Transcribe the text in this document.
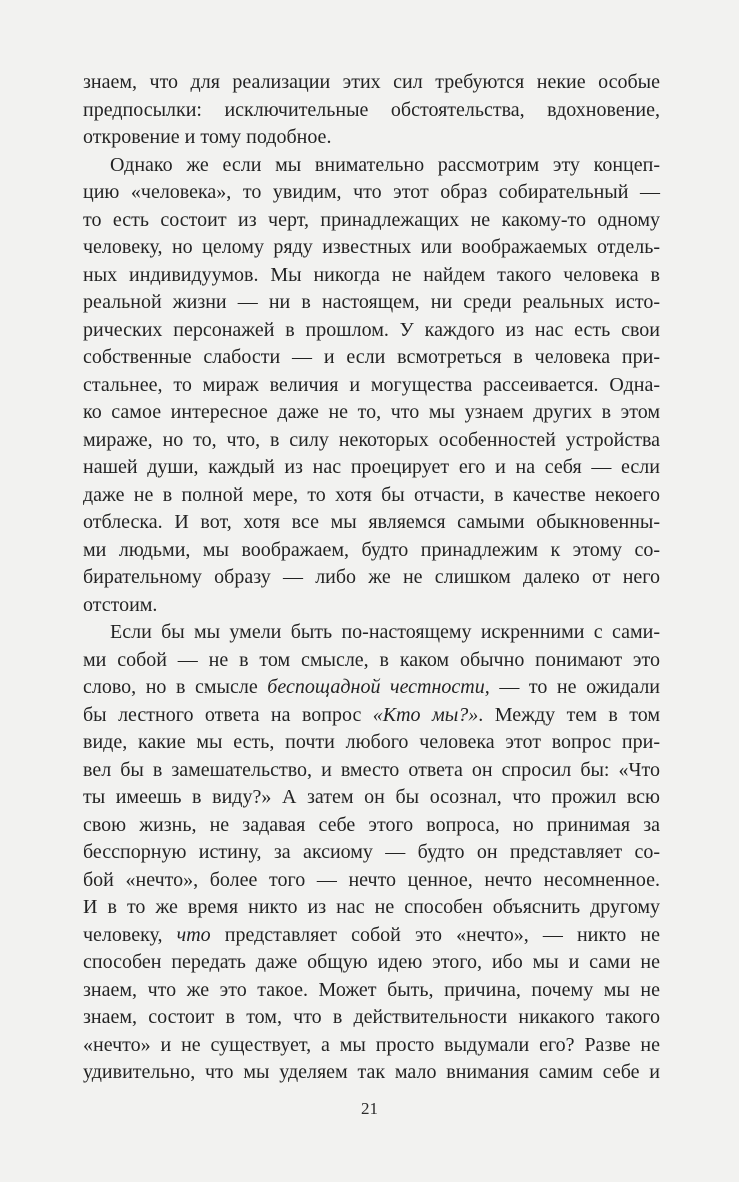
знаем, что для реализации этих сил требуются некие особые
предпосылки: исключительные обстоятельства, вдохновение,
откровение и тому подобное.
Однако же если мы внимательно рассмотрим эту концеп-
цию «человека», то увидим, что этот образ собирательный —
то есть состоит из черт, принадлежащих не какому-то одному
человеку, но целому ряду известных или воображаемых отдель-
ных индивидуумов. Мы никогда не найдем такого человека в
реальной жизни — ни в настоящем, ни среди реальных исто-
рических персонажей в прошлом. У каждого из нас есть свои
собственные слабости — и если всмотреться в человека при-
стальнее, то мираж величия и могущества рассеивается. Одна-
ко самое интересное даже не то, что мы узнаем других в этом
мираже, но то, что, в силу некоторых особенностей устройства
нашей души, каждый из нас проецирует его и на себя — если
даже не в полной мере, то хотя бы отчасти, в качестве некоего
отблеска. И вот, хотя все мы являемся самыми обыкновенны-
ми людьми, мы воображаем, будто принадлежим к этому со-
бирательному образу — либо же не слишком далеко от него
отстоим.
Если бы мы умели быть по-настоящему искренними с сами-
ми собой — не в том смысле, в каком обычно понимают это
слово, но в смысле беспощадной честности, — то не ожидали
бы лестного ответа на вопрос «Кто мы?». Между тем в том
виде, какие мы есть, почти любого человека этот вопрос при-
вел бы в замешательство, и вместо ответа он спросил бы: «Что
ты имеешь в виду?» А затем он бы осознал, что прожил всю
свою жизнь, не задавая себе этого вопроса, но принимая за
бесспорную истину, за аксиому — будто он представляет со-
бой «нечто», более того — нечто ценное, нечто несомненное.
И в то же время никто из нас не способен объяснить другому
человеку, что представляет собой это «нечто», — никто не
способен передать даже общую идею этого, ибо мы и сами не
знаем, что же это такое. Может быть, причина, почему мы не
знаем, состоит в том, что в действительности никакого такого
«нечто» и не существует, а мы просто выдумали его? Разве не
удивительно, что мы уделяем так мало внимания самим себе и
21
